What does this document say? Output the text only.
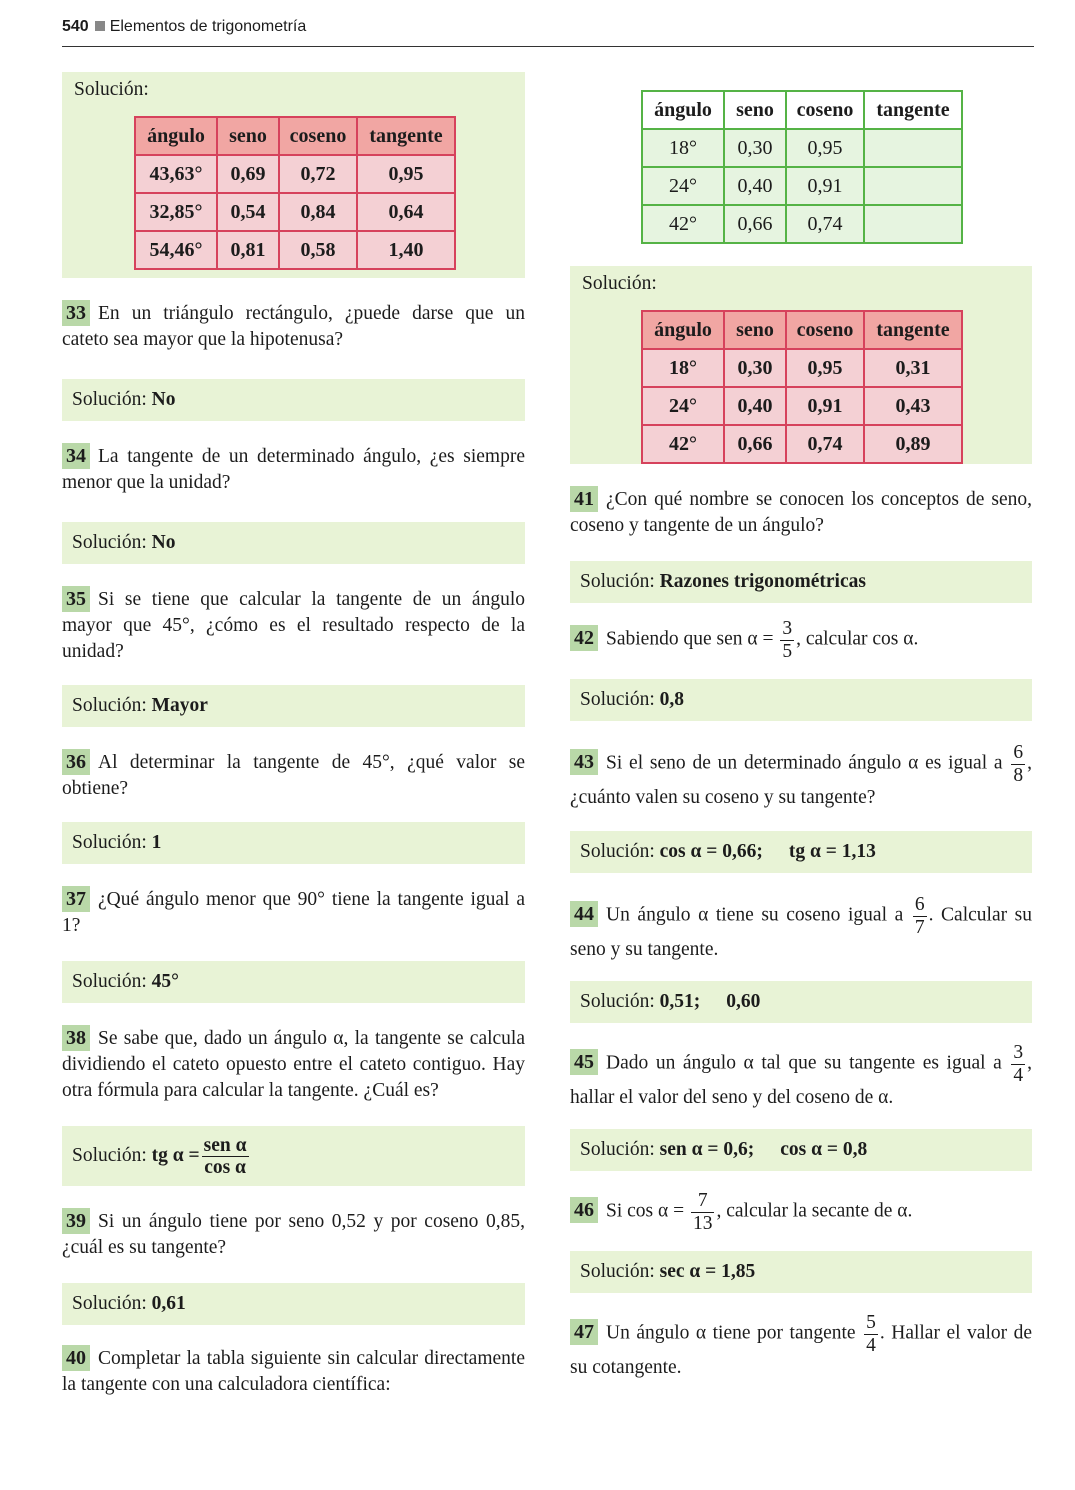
540 Elementos de trigonometría
Solución:
ángulo	seno	coseno	tangente
43,63°	0,69	0,72	0,95
32,85°	0,54	0,84	0,64
54,46°	0,81	0,58	1,40

33 En un triángulo rectángulo, ¿puede darse que un cateto sea mayor que la hipotenusa?

Solución: No

34 La tangente de un determinado ángulo, ¿es siempre menor que la unidad?

Solución: No

35 Si se tiene que calcular la tangente de un ángulo mayor que 45°, ¿cómo es el resultado respecto de la unidad?

Solución: Mayor

36 Al determinar la tangente de 45°, ¿qué valor se obtiene?

Solución: 1

37 ¿Qué ángulo menor que 90° tiene la tangente igual a 1?

Solución: 45°

38 Se sabe que, dado un ángulo α, la tangente se calcula dividiendo el cateto opuesto entre el cateto contiguo. Hay otra fórmula para calcular la tangente. ¿Cuál es?

Solución: tg $\alpha = \frac{\text{sen α}}{\text{cos α}}$

39 Si un ángulo tiene por seno 0,52 y por coseno 0,85, ¿cuál es su tangente?

Solución: 0,61

40 Completar la tabla siguiente sin calcular directamente la tangente con una calculadora científica:

ángulo	seno	coseno	tangente
18°	0,30	0,95	
24°	0,40	0,91	
42°	0,66	0,74	
Solución:
ángulo	seno	coseno	tangente
18°	0,30	0,95	0,31
24°	0,40	0,91	0,43
42°	0,66	0,74	0,89

41 ¿Con qué nombre se conocen los conceptos de seno, coseno y tangente de un ángulo?

Solución: Razones trigonométricas

42 Sabiendo que sen $\alpha = \frac{3}{5}$ , calcular cos α.

Solución: 0,8

43 Si el seno de un determinado ángulo α es igual a $\frac{6}{8}$ , ¿cuánto valen su coseno y su tangente?

Solución: cos α = 0,66; tg α = 1,13

44 Un ángulo α tiene su coseno igual a $\frac{6}{7}$ . Calcular su seno y su tangente.

Solución: 0,51; 0,60

45 Dado un ángulo α tal que su tangente es igual a $\frac{3}{4}$ , hallar el valor del seno y del coseno de α.

Solución: sen α = 0,6; cos α = 0,8

46 Si $\cos \alpha = \frac{7}{13}$ , calcular la secante de α.

Solución: sec α = 1,85

47 Un ángulo α tiene por tangente $\frac{5}{4}$ . Hallar el valor de su cotangente.
